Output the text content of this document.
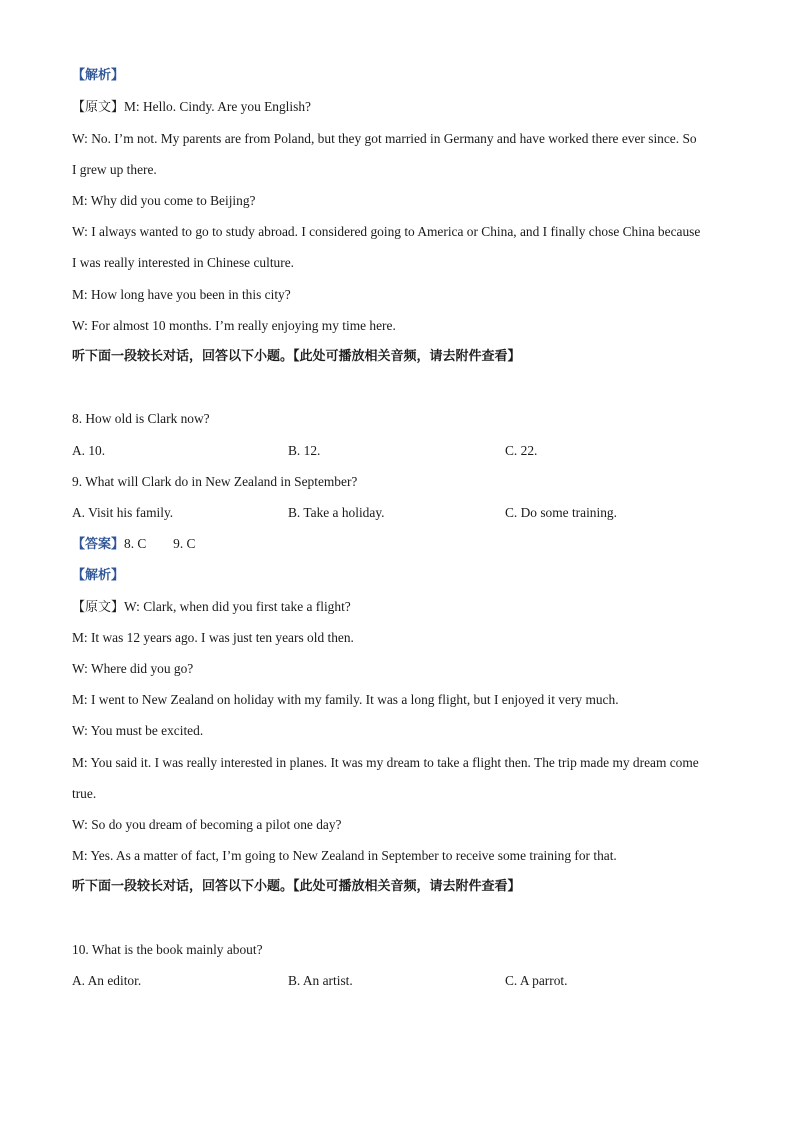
【解析】
【原文】M: Hello. Cindy. Are you English?
W: No. I’m not. My parents are from Poland, but they got married in Germany and have worked there ever since. So
I grew up there.
M: Why did you come to Beijing?
W: I always wanted to go to study abroad. I considered going to America or China, and I finally chose China because
I was really interested in Chinese culture.
M: How long have you been in this city?
W: For almost 10 months. I’m really enjoying my time here.
听下面一段较长对话，回答以下小题。【此处可播放相关音频，请去附件查看】
8. How old is Clark now?
A. 10.	B. 12.	C. 22.
9. What will Clark do in New Zealand in September?
A. Visit his family.	B. Take a holiday.	C. Do some training.
【答案】8. C        9. C
【解析】
【原文】W: Clark, when did you first take a flight?
M: It was 12 years ago. I was just ten years old then.
W: Where did you go?
M: I went to New Zealand on holiday with my family. It was a long flight, but I enjoyed it very much.
W: You must be excited.
M: You said it. I was really interested in planes. It was my dream to take a flight then. The trip made my dream come
true.
W: So do you dream of becoming a pilot one day?
M: Yes. As a matter of fact, I’m going to New Zealand in September to receive some training for that.
听下面一段较长对话，回答以下小题。【此处可播放相关音频，请去附件查看】
10. What is the book mainly about?
A. An editor.	B. An artist.	C. A parrot.
